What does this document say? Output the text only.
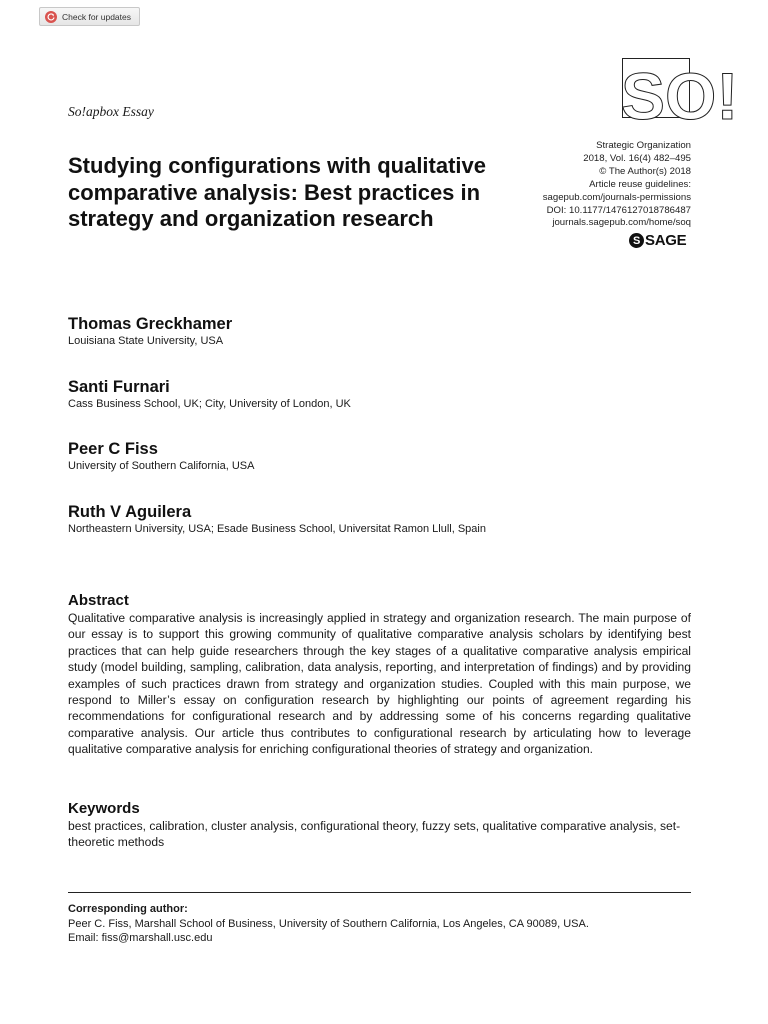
Check for updates
SO!
So!apbox Essay
Strategic Organization
2018, Vol. 16(4) 482–495
© The Author(s) 2018
Article reuse guidelines:
sagepub.com/journals-permissions
DOI: 10.1177/1476127018786487
journals.sagepub.com/home/soq
S SAGE
Studying configurations with qualitative comparative analysis: Best practices in strategy and organization research
Thomas Greckhamer
Louisiana State University, USA
Santi Furnari
Cass Business School, UK; City, University of London, UK
Peer C Fiss
University of Southern California, USA
Ruth V Aguilera
Northeastern University, USA; Esade Business School, Universitat Ramon Llull, Spain
Abstract
Qualitative comparative analysis is increasingly applied in strategy and organization research. The main purpose of our essay is to support this growing community of qualitative comparative analysis scholars by identifying best practices that can help guide researchers through the key stages of a qualitative comparative analysis empirical study (model building, sampling, calibration, data analysis, reporting, and interpretation of findings) and by providing examples of such practices drawn from strategy and organization studies. Coupled with this main purpose, we respond to Miller’s essay on configuration research by highlighting our points of agreement regarding his recommendations for configurational research and by addressing some of his concerns regarding qualitative comparative analysis. Our article thus contributes to configurational research by articulating how to leverage qualitative comparative analysis for enriching configurational theories of strategy and organization.
Keywords
best practices, calibration, cluster analysis, configurational theory, fuzzy sets, qualitative comparative analysis, set-theoretic methods
Corresponding author:
Peer C. Fiss, Marshall School of Business, University of Southern California, Los Angeles, CA 90089, USA.
Email: fiss@marshall.usc.edu
